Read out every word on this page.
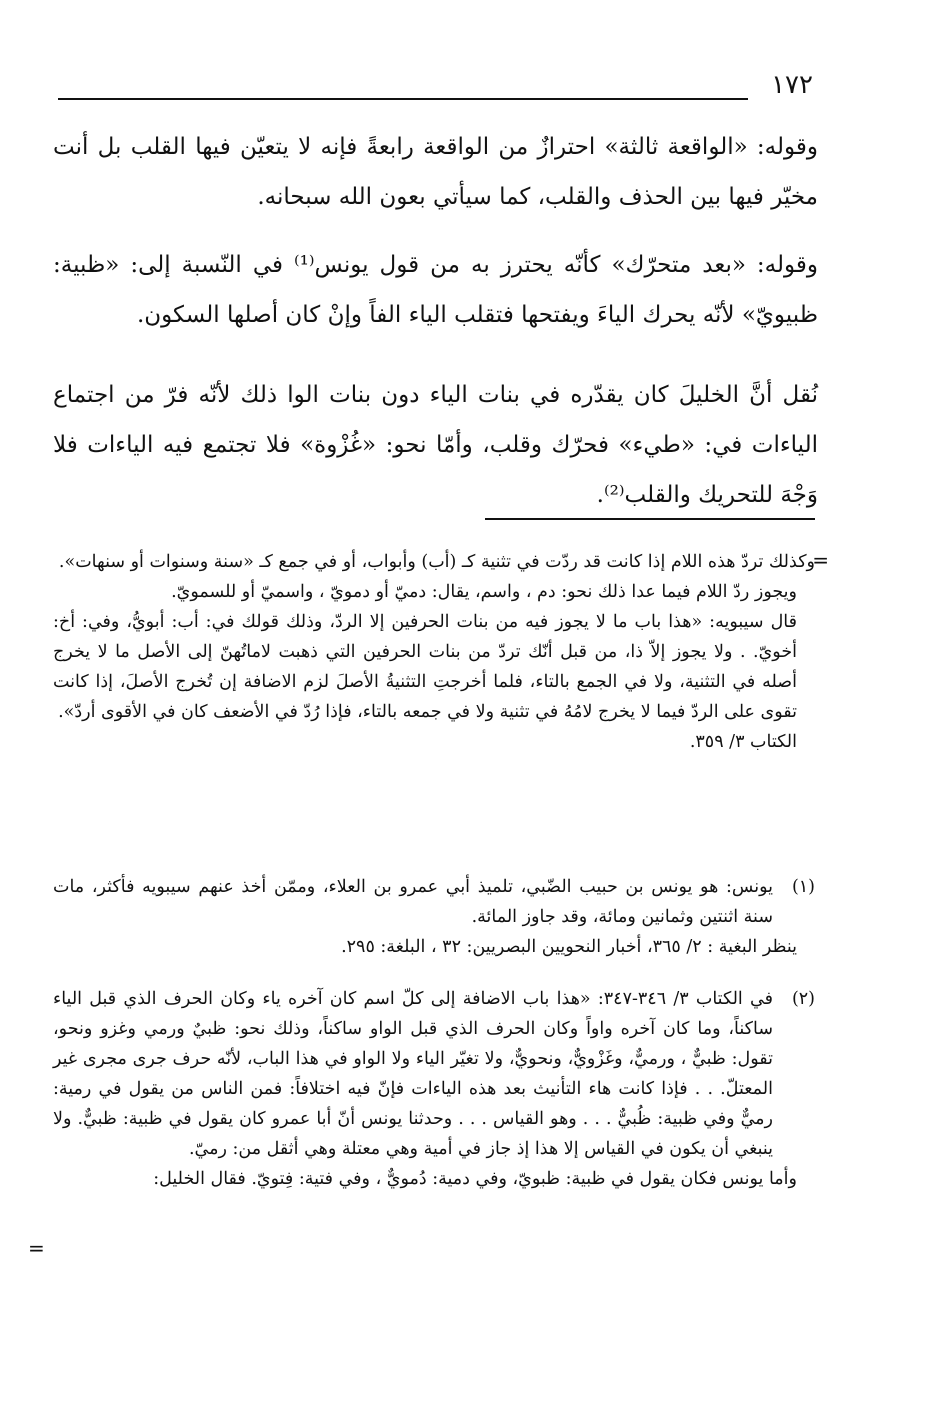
١٧٢
وقوله: «الواقعة ثالثة» احترازٌ من الواقعة رابعةً فإنه لا يتعيّن فيها القلب بل أنت مخيّر فيها بين الحذف والقلب، كما سيأتي بعون الله سبحانه.
وقوله: «بعد متحرّك» كأنّه يحترز به من قول يونس⁽¹⁾ في النّسبة إلى: «ظبية: ظبيويّ» لأنّه يحرك الياءَ ويفتحها فتقلب الياء الفاً وإنْ كان أصلها السكون.
نُقل أنَّ الخليلَ كان يقدّره في بنات الياء دون بنات الوا ذلك لأنّه فرّ من اجتماع الياءات في: «طيء» فحرّك وقلب، وأمّا نحو: «غُزْوة» فلا تجتمع فيه الياءات فلا وَجْهَ للتحريك والقلب⁽²⁾.
=

وكذلك تردّ هذه اللام إذا كانت قد ردّت في تثنية كـ (أب) وأبواب، أو في جمع كـ «سنة وسنوات أو سنهات».

ويجوز ردّ اللام فيما عدا ذلك نحو: دم ، واسم، يقال: دميّ أو دمويّ ، واسميّ أو للسمويّ.

قال سيبويه: «هذا باب ما لا يجوز فيه من بنات الحرفين إلا الردّ، وذلك قولك في: أب: أبويُّ، وفي: أخ: أخويّ. . ولا يجوز إلاّ ذا، من قبل أنّك تردّ من بنات الحرفين التي ذهبت لاماتُهنّ إلى الأصل ما لا يخرج أصله في التثنية، ولا في الجمع بالتاء، فلما أخرجتِ التثنيةُ الأصلَ لزم الاضافة إن تُخرج الأصلَ، إذا كانت تقوى على الردّ فيما لا يخرج لامُهُ في تثنية ولا في جمعه بالتاء، فإذا رُدّ في الأضعف كان في الأقوى أردّ».

الكتاب ٣/ ٣٥٩.

(١)

يونس: هو يونس بن حبيب الضّبي، تلميذ أبي عمرو بن العلاء، وممّن أخذ عنهم سيبويه فأكثر، مات سنة اثنتين وثمانين ومائة، وقد جاوز المائة.

ينظر البغية : ٢/ ٣٦٥، أخبار النحويين البصريين: ٣٢ ، البلغة: ٢٩٥.

(٢)

في الكتاب ٣/ ٣٤٦-٣٤٧: «هذا باب الاضافة إلى كلّ اسم كان آخره ياء وكان الحرف الذي قبل الياء ساكناً، وما كان آخره واواً وكان الحرف الذي قبل الواو ساكناً، وذلك نحو: ظبيٌ ورمي وغزو ونحو، تقول: ظبيٌّ ، ورميٌّ، وغَزْويٌّ، ونحويٌّ، ولا تغيّر الياء ولا الواو في هذا الباب، لأنّه حرف جرى مجرى غير المعتلّ. . . فإذا كانت هاء التأنيث بعد هذه الياءات فإنّ فيه اختلافاً: فمن الناس من يقول في رمية: رميٌّ وفي ظبية: ظُبيٌّ . . . وهو القياس . . . وحدثنا يونس أنّ أبا عمرو كان يقول في ظبية: ظبيٌّ. ولا ينبغي أن يكون في القياس إلا هذا إذ جاز في أمية وهي معتلة وهي أثقل من: رميّ.

وأما يونس فكان يقول في ظبية: ظبويّ، وفي دمية: دُمويٌّ ، وفي فتية: فِتويّ. فقال الخليل:

=
